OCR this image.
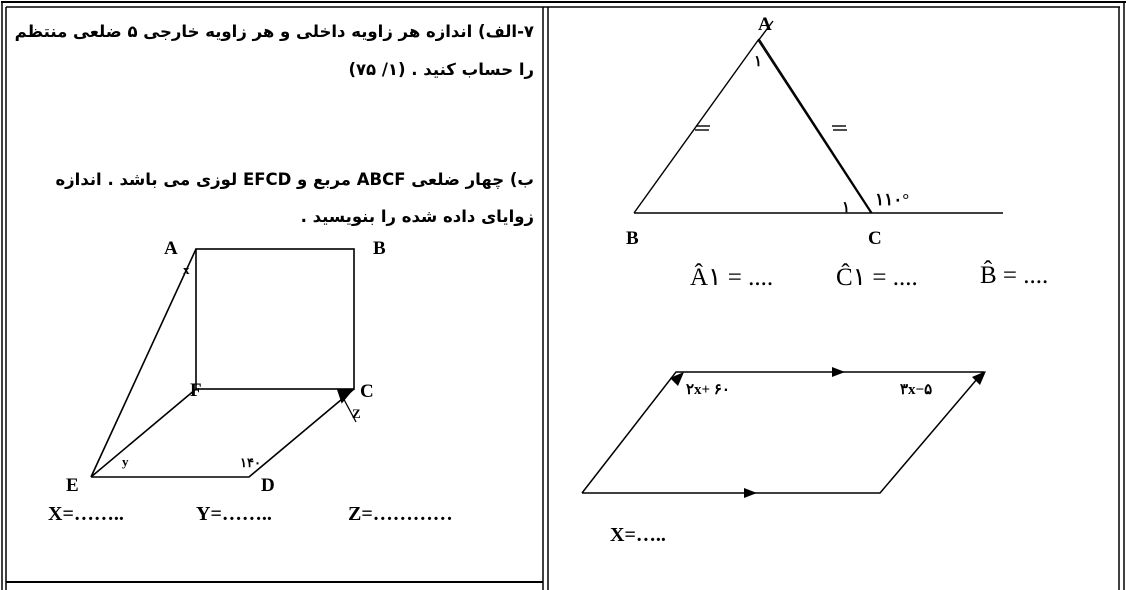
۷-الف) اندازه هر زاویه داخلی و هر زاویه خارجی ۵ ضلعی منتظم
را حساب کنید . (۱/ ۷۵)
ب) چهار ضلعی ABCF مربع و EFCD لوزی می باشد . اندازه
زوایای داده شده را بنویسید .
A	B
C
D
E
F
x
y
Z
۱۴۰
X=……..	Y=……..	Z=…………
A
B	C
۱
۱ ۱۱۰°
Â۱ = ....	Ĉ۱ = .... B̂ = ....
۲x+ ۶۰	۳x−۵
X=…..
